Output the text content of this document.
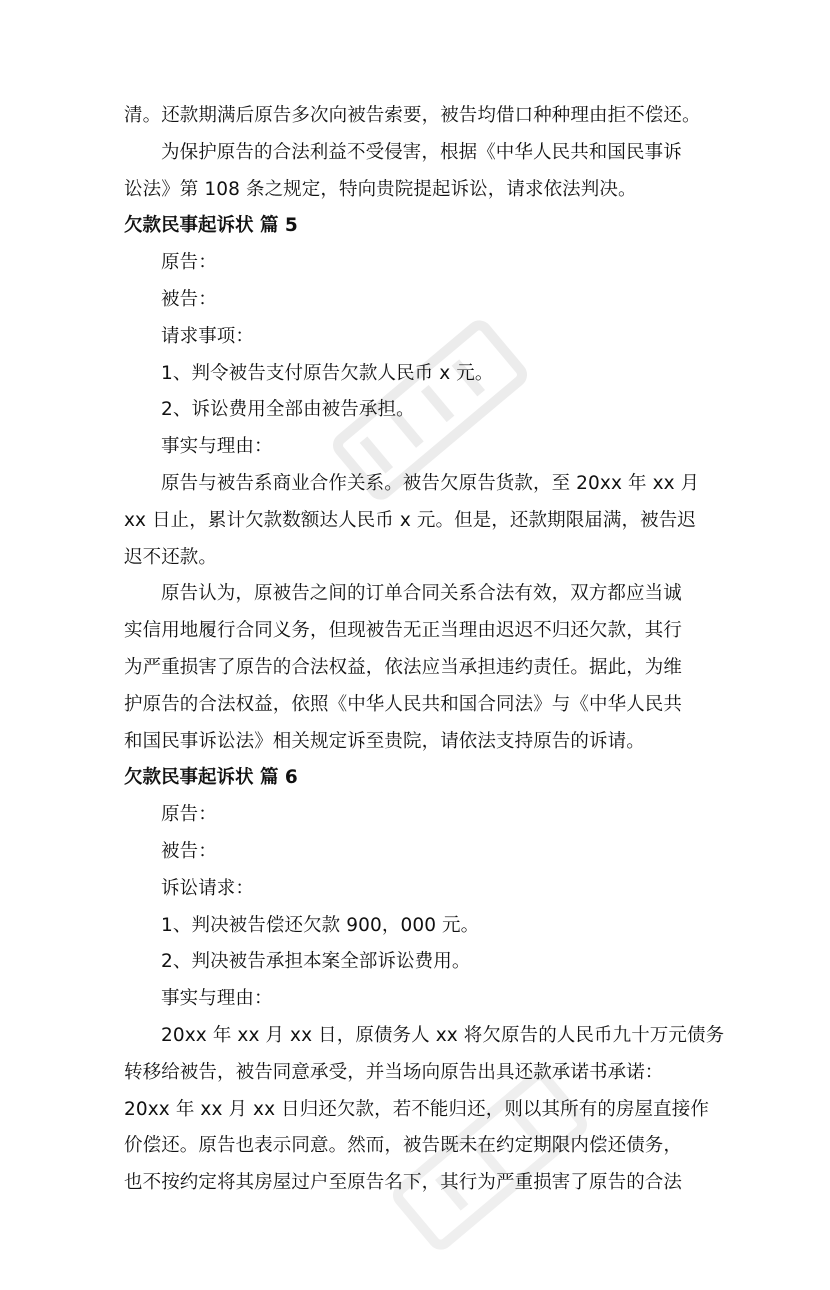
清。还款期满后原告多次向被告索要，被告均借口种种理由拒不偿还。
为保护原告的合法利益不受侵害，根据《中华人民共和国民事诉
讼法》第 108 条之规定，特向贵院提起诉讼，请求依法判决。
欠款民事起诉状 篇 5
原告：
被告：
请求事项：
1、判令被告支付原告欠款人民币 x 元。
2、诉讼费用全部由被告承担。
事实与理由：
原告与被告系商业合作关系。被告欠原告货款，至 20xx 年 xx 月
xx 日止，累计欠款数额达人民币 x 元。但是，还款期限届满，被告迟
迟不还款。
原告认为，原被告之间的订单合同关系合法有效，双方都应当诚
实信用地履行合同义务，但现被告无正当理由迟迟不归还欠款，其行
为严重损害了原告的合法权益，依法应当承担违约责任。据此，为维
护原告的合法权益，依照《中华人民共和国合同法》与《中华人民共
和国民事诉讼法》相关规定诉至贵院，请依法支持原告的诉请。
欠款民事起诉状 篇 6
原告：
被告：
诉讼请求：
1、判决被告偿还欠款 900，000 元。
2、判决被告承担本案全部诉讼费用。
事实与理由：
20xx 年 xx 月 xx 日，原债务人 xx 将欠原告的人民币九十万元债务
转移给被告，被告同意承受，并当场向原告出具还款承诺书承诺：
20xx 年 xx 月 xx 日归还欠款，若不能归还，则以其所有的房屋直接作
价偿还。原告也表示同意。然而，被告既未在约定期限内偿还债务，
也不按约定将其房屋过户至原告名下，其行为严重损害了原告的合法
